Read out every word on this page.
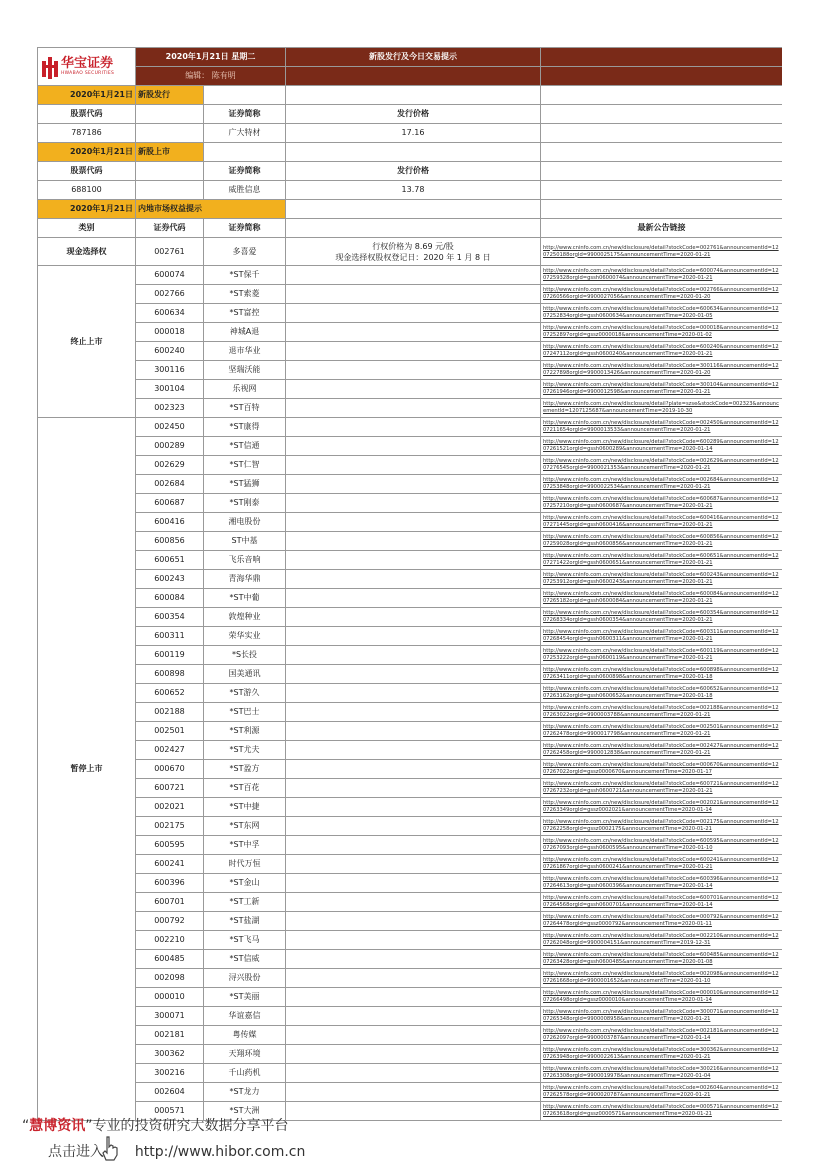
华宝证券
HWABAO SECURITIES	2020年1月21日 星期二		新股发行及今日交易提示	
	编辑： 陈有明			
2020年1月21日	新股发行			
股票代码		证券简称	发行价格	
787186		广大特材	17.16	
2020年1月21日	新股上市			
股票代码		证券简称	发行价格	
688100		威胜信息	13.78	
2020年1月21日	内地市场权益提示			
类别	证券代码	证券简称		最新公告链接
现金选择权	002761	多喜爱	行权价格为 8.69 元/股
现金选择权股权登记日：2020 年 1 月 8 日	http://www.cninfo.com.cn/new/disclosure/detail?stockCode=002761&announcementId=1207250188orgId=9900025175&announcementTime=2020-01-21
终止上市	600074	*ST保千		http://www.cninfo.com.cn/new/disclosure/detail?stockCode=600074&announcementId=1207259328orgId=gssh0600074&announcementTime=2020-01-21
	002766	*ST索菱		http://www.cninfo.com.cn/new/disclosure/detail?stockCode=002766&announcementId=1207260566orgId=9900027056&announcementTime=2020-01-20
	600634	*ST富控		http://www.cninfo.com.cn/new/disclosure/detail?stockCode=600634&announcementId=1207252834orgId=gssh0600634&announcementTime=2020-01-05
	000018	神城A退		http://www.cninfo.com.cn/new/disclosure/detail?stockCode=000018&announcementId=1207252897orgId=gssz0000018&announcementTime=2020-01-02
	600240	退市华业		http://www.cninfo.com.cn/new/disclosure/detail?stockCode=600240&announcementId=1207247112orgId=gssh0600240&announcementTime=2020-01-21
	300116	坚瑞沃能		http://www.cninfo.com.cn/new/disclosure/detail?stockCode=300116&announcementId=1207227898orgId=9900013426&announcementTime=2020-01-20
	300104	乐视网		http://www.cninfo.com.cn/new/disclosure/detail?stockCode=300104&announcementId=1207261946orgId=9900012598&announcementTime=2020-01-21
	002323	*ST百特		http://www.cninfo.com.cn/new/disclosure/detail?plate=szse&stockCode=002323&announcementId=1207125687&announcementTime=2019-10-30
暂停上市	002450	*ST康得		http://www.cninfo.com.cn/new/disclosure/detail?stockCode=002450&announcementId=1207211654orgId=9900013533&announcementTime=2020-01-21
	000289	*ST信通		http://www.cninfo.com.cn/new/disclosure/detail?stockCode=600289&announcementId=1207261521orgId=gssh0600289&announcementTime=2020-01-14
	002629	*ST仁智		http://www.cninfo.com.cn/new/disclosure/detail?stockCode=002629&announcementId=1207276545orgId=9900021353&announcementTime=2020-01-21
	002684	*ST猛狮		http://www.cninfo.com.cn/new/disclosure/detail?stockCode=002684&announcementId=1207253848orgId=9900022534&announcementTime=2020-01-21
	600687	*ST刚泰		http://www.cninfo.com.cn/new/disclosure/detail?stockCode=600687&announcementId=1207257210orgId=gssh0600687&announcementTime=2020-01-21
	600416	湘电股份		http://www.cninfo.com.cn/new/disclosure/detail?stockCode=600416&announcementId=1207271445orgId=gssh0600416&announcementTime=2020-01-21
	600856	ST中基		http://www.cninfo.com.cn/new/disclosure/detail?stockCode=600856&announcementId=1207259028orgId=gssh0600856&announcementTime=2020-01-21
	600651	飞乐音响		http://www.cninfo.com.cn/new/disclosure/detail?stockCode=600651&announcementId=1207271422orgId=gssh0600651&announcementTime=2020-01-21
	600243	青海华鼎		http://www.cninfo.com.cn/new/disclosure/detail?stockCode=600243&announcementId=1207253912orgId=gssh0600243&announcementTime=2020-01-21
	600084	*ST中葡		http://www.cninfo.com.cn/new/disclosure/detail?stockCode=600084&announcementId=1207265182orgId=gssh0600084&announcementTime=2020-01-21
	600354	敦煌种业		http://www.cninfo.com.cn/new/disclosure/detail?stockCode=600354&announcementId=1207268334orgId=gssh0600354&announcementTime=2020-01-21
	600311	荣华实业		http://www.cninfo.com.cn/new/disclosure/detail?stockCode=600311&announcementId=1207268454orgId=gssh0600311&announcementTime=2020-01-21
	600119	*S长投		http://www.cninfo.com.cn/new/disclosure/detail?stockCode=600119&announcementId=1207253222orgId=gssh0600119&announcementTime=2020-01-21
	600898	国美通讯		http://www.cninfo.com.cn/new/disclosure/detail?stockCode=600898&announcementId=1207263411orgId=gssh0600898&announcementTime=2020-01-18
	600652	*ST游久		http://www.cninfo.com.cn/new/disclosure/detail?stockCode=600652&announcementId=1207263162orgId=gssh0600652&announcementTime=2020-01-18
	002188	*ST巴士		http://www.cninfo.com.cn/new/disclosure/detail?stockCode=002188&announcementId=1207263022orgId=9900003788&announcementTime=2020-01-21
	002501	*ST利源		http://www.cninfo.com.cn/new/disclosure/detail?stockCode=002501&announcementId=1207262478orgId=9900017798&announcementTime=2020-01-21
	002427	*ST尤夫		http://www.cninfo.com.cn/new/disclosure/detail?stockCode=002427&announcementId=1207262458orgId=9900012838&announcementTime=2020-01-21
	000670	*ST盈方		http://www.cninfo.com.cn/new/disclosure/detail?stockCode=000670&announcementId=1207267022orgId=gssz0000670&announcementTime=2020-01-17
	600721	*ST百花		http://www.cninfo.com.cn/new/disclosure/detail?stockCode=600721&announcementId=1207267232orgId=gssh0600721&announcementTime=2020-01-21
	002021	*ST中捷		http://www.cninfo.com.cn/new/disclosure/detail?stockCode=002021&announcementId=1207263349orgId=gssz0002021&announcementTime=2020-01-14
	002175	*ST东网		http://www.cninfo.com.cn/new/disclosure/detail?stockCode=002175&announcementId=1207262258orgId=gssz0002175&announcementTime=2020-01-21
	600595	*ST中孚		http://www.cninfo.com.cn/new/disclosure/detail?stockCode=600595&announcementId=1207267093orgId=gssh0600595&announcementTime=2020-01-10
	600241	时代万恒		http://www.cninfo.com.cn/new/disclosure/detail?stockCode=600241&announcementId=1207261867orgId=gssh0600241&announcementTime=2020-01-21
	600396	*ST金山		http://www.cninfo.com.cn/new/disclosure/detail?stockCode=600396&announcementId=1207264613orgId=gssh0600396&announcementTime=2020-01-14
	600701	*ST工新		http://www.cninfo.com.cn/new/disclosure/detail?stockCode=600701&announcementId=1207264568orgId=gssh0600701&announcementTime=2020-01-14
	000792	*ST盐湖		http://www.cninfo.com.cn/new/disclosure/detail?stockCode=000792&announcementId=1207264478orgId=gssz0000792&announcementTime=2020-01-11
	002210	*ST飞马		http://www.cninfo.com.cn/new/disclosure/detail?stockCode=002210&announcementId=1207262048orgId=9900004151&announcementTime=2019-12-31
	600485	*ST信威		http://www.cninfo.com.cn/new/disclosure/detail?stockCode=600485&announcementId=1207263428orgId=gssh0600485&announcementTime=2020-01-08
	002098	浔兴股份		http://www.cninfo.com.cn/new/disclosure/detail?stockCode=002098&announcementId=1207261668orgId=9900001652&announcementTime=2020-01-10
	000010	*ST美丽		http://www.cninfo.com.cn/new/disclosure/detail?stockCode=000010&announcementId=1207266498orgId=gssz0000010&announcementTime=2020-01-14
	300071	华谊嘉信		http://www.cninfo.com.cn/new/disclosure/detail?stockCode=300071&announcementId=1207265348orgId=9900008958&announcementTime=2020-01-21
	002181	粤传媒		http://www.cninfo.com.cn/new/disclosure/detail?stockCode=002181&announcementId=1207262097orgId=9900003787&announcementTime=2020-01-14
	300362	天翔环境		http://www.cninfo.com.cn/new/disclosure/detail?stockCode=300362&announcementId=1207263948orgId=9900022613&announcementTime=2020-01-21
	300216	千山药机		http://www.cninfo.com.cn/new/disclosure/detail?stockCode=300216&announcementId=1207263308orgId=9900019978&announcementTime=2020-01-04
	002604	*ST龙力		http://www.cninfo.com.cn/new/disclosure/detail?stockCode=002604&announcementId=1207262578orgId=9900020787&announcementTime=2020-01-21
	000571	*ST大洲		http://www.cninfo.com.cn/new/disclosure/detail?stockCode=000571&announcementId=1207263618orgId=gssz0000571&announcementTime=2020-01-21
“慧博资讯”专业的投资研究大数据分享平台
点击进入 http://www.hibor.com.cn
